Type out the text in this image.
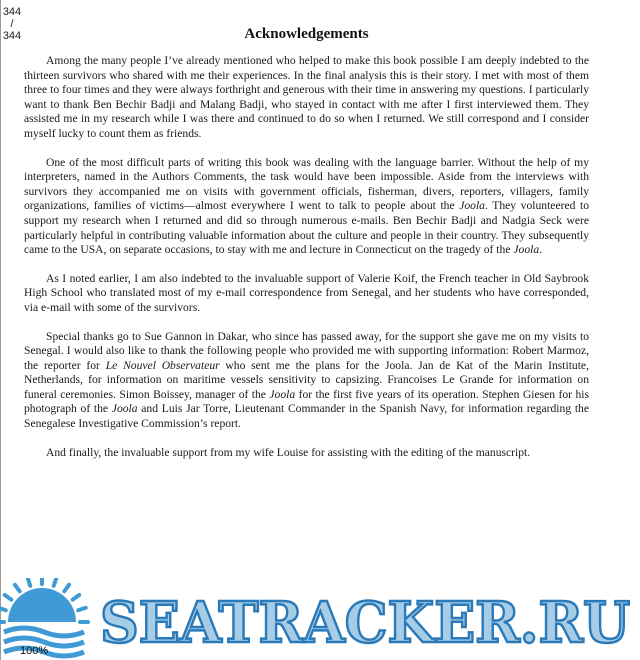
344
/
344	Acknowledgements

Among the many people I’ve already mentioned who helped to make this book possible I am deeply indebted to the thirteen survivors who shared with me their experiences. In the final analysis this is their story. I met with most of them three to four times and they were always forthright and generous with their time in answering my questions. I particularly want to thank Ben Bechir Badji and Malang Badji, who stayed in contact with me after I first interviewed them. They assisted me in my research while I was there and continued to do so when I returned. We still correspond and I consider myself lucky to count them as friends.

One of the most difficult parts of writing this book was dealing with the language barrier. Without the help of my interpreters, named in the Authors Comments, the task would have been impossible. Aside from the interviews with survivors they accompanied me on visits with government officials, fisherman, divers, reporters, villagers, family organizations, families of victims—almost everywhere I went to talk to people about the Joola. They volunteered to support my research when I returned and did so through numerous e-mails. Ben Bechir Badji and Nadgia Seck were particularly helpful in contributing valuable information about the culture and people in their country. They subsequently came to the USA, on separate occasions, to stay with me and lecture in Connecticut on the tragedy of the Joola.

As I noted earlier, I am also indebted to the invaluable support of Valerie Koif, the French teacher in Old Saybrook High School who translated most of my e-mail correspondence from Senegal, and her students who have corresponded, via e-mail with some of the survivors.

Special thanks go to Sue Gannon in Dakar, who since has passed away, for the support she gave me on my visits to Senegal. I would also like to thank the following people who provided me with supporting information: Robert Marmoz, the reporter for Le Nouvel Observateur who sent me the plans for the Joola. Jan de Kat of the Marin Institute, Netherlands, for information on maritime vessels sensitivity to capsizing. Francoises Le Grande for information on funeral ceremonies. Simon Boissey, manager of the Joola for the first five years of its operation. Stephen Giesen for his photograph of the Joola and Luis Jar Torre, Lieutenant Commander in the Spanish Navy, for information regarding the Senegalese Investigative Commission’s report.

And finally, the invaluable support from my wife Louise for assisting with the editing of the manuscript.

SEATRACKER.RU
100%
